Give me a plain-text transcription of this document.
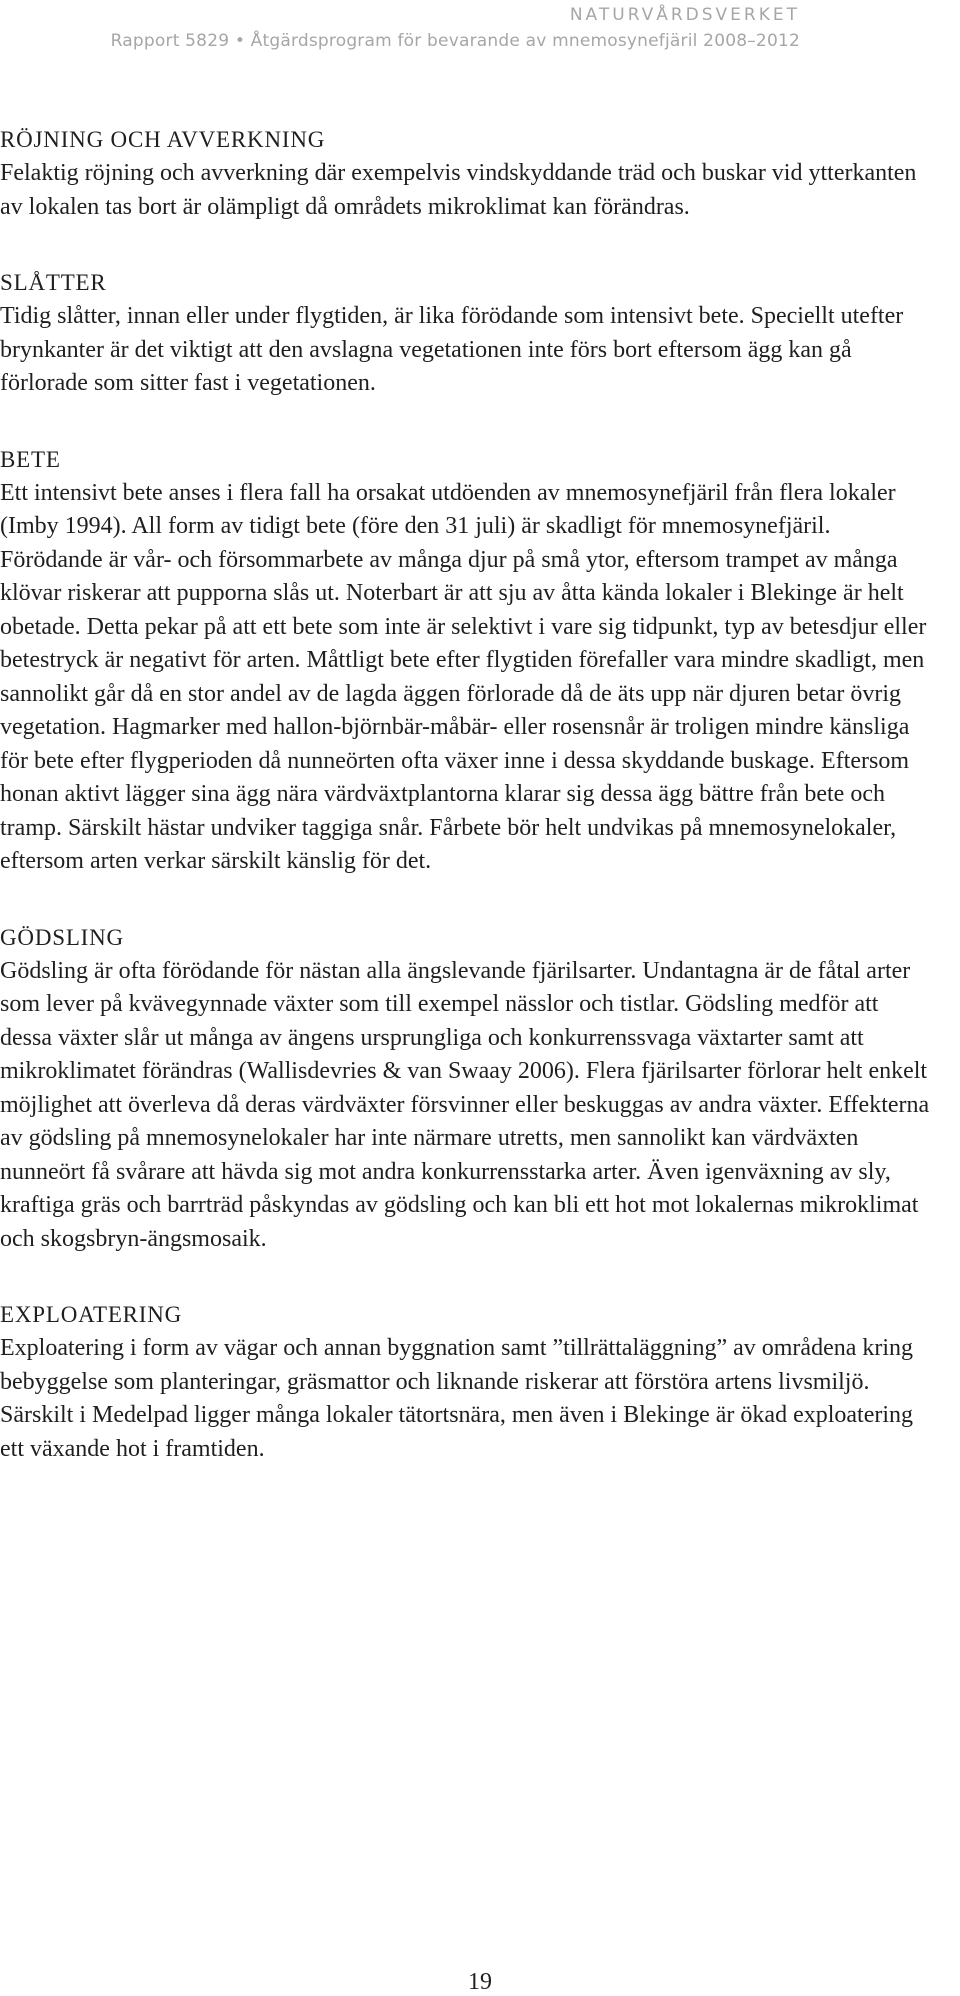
NATURVÅRDSVERKET
Rapport 5829 • Åtgärdsprogram för bevarande av mnemosynefjäril 2008–2012
RÖJNING OCH AVVERKNING

Felaktig röjning och avverkning där exempelvis vindskyddande träd och buskar vid ytterkanten av lokalen tas bort är olämpligt då områdets mikroklimat kan förändras.

SLÅTTER

Tidig slåtter, innan eller under flygtiden, är lika förödande som intensivt bete. Speciellt utefter brynkanter är det viktigt att den avslagna vegetationen inte förs bort eftersom ägg kan gå förlorade som sitter fast i vegetationen.

BETE

Ett intensivt bete anses i flera fall ha orsakat utdöenden av mnemosynefjäril från flera lokaler (Imby 1994). All form av tidigt bete (före den 31 juli) är skadligt för mnemosynefjäril. Förödande är vår- och försommarbete av många djur på små ytor, eftersom trampet av många klövar riskerar att pupporna slås ut. Noterbart är att sju av åtta kända lokaler i Blekinge är helt obetade. Detta pekar på att ett bete som inte är selektivt i vare sig tidpunkt, typ av betesdjur eller betestryck är negativt för arten. Måttligt bete efter flygtiden förefaller vara mindre skadligt, men sannolikt går då en stor andel av de lagda äggen förlorade då de äts upp när djuren betar övrig vegetation. Hagmarker med hallon-björnbär-måbär- eller rosensnår är troligen mindre känsliga för bete efter flygperioden då nunneörten ofta växer inne i dessa skyddande buskage. Eftersom honan aktivt lägger sina ägg nära värdväxtplantorna klarar sig dessa ägg bättre från bete och tramp. Särskilt hästar undviker taggiga snår. Fårbete bör helt undvikas på mnemosynelokaler, eftersom arten verkar särskilt känslig för det.

GÖDSLING

Gödsling är ofta förödande för nästan alla ängslevande fjärilsarter. Undantagna är de fåtal arter som lever på kvävegynnade växter som till exempel nässlor och tistlar. Gödsling medför att dessa växter slår ut många av ängens ursprungliga och konkurrenssvaga växtarter samt att mikroklimatet förändras (Wallisdevries & van Swaay 2006). Flera fjärilsarter förlorar helt enkelt möjlighet att överleva då deras värdväxter försvinner eller beskuggas av andra växter. Effekterna av gödsling på mnemosynelokaler har inte närmare utretts, men sannolikt kan värdväxten nunneört få svårare att hävda sig mot andra konkurrensstarka arter. Även igenväxning av sly, kraftiga gräs och barrträd påskyndas av gödsling och kan bli ett hot mot lokalernas mikroklimat och skogsbryn-ängsmosaik.

EXPLOATERING

Exploatering i form av vägar och annan byggnation samt ”tillrättaläggning” av områdena kring bebyggelse som planteringar, gräsmattor och liknande riskerar att förstöra artens livsmiljö. Särskilt i Medelpad ligger många lokaler tätortsnära, men även i Blekinge är ökad exploatering ett växande hot i framtiden.

19
